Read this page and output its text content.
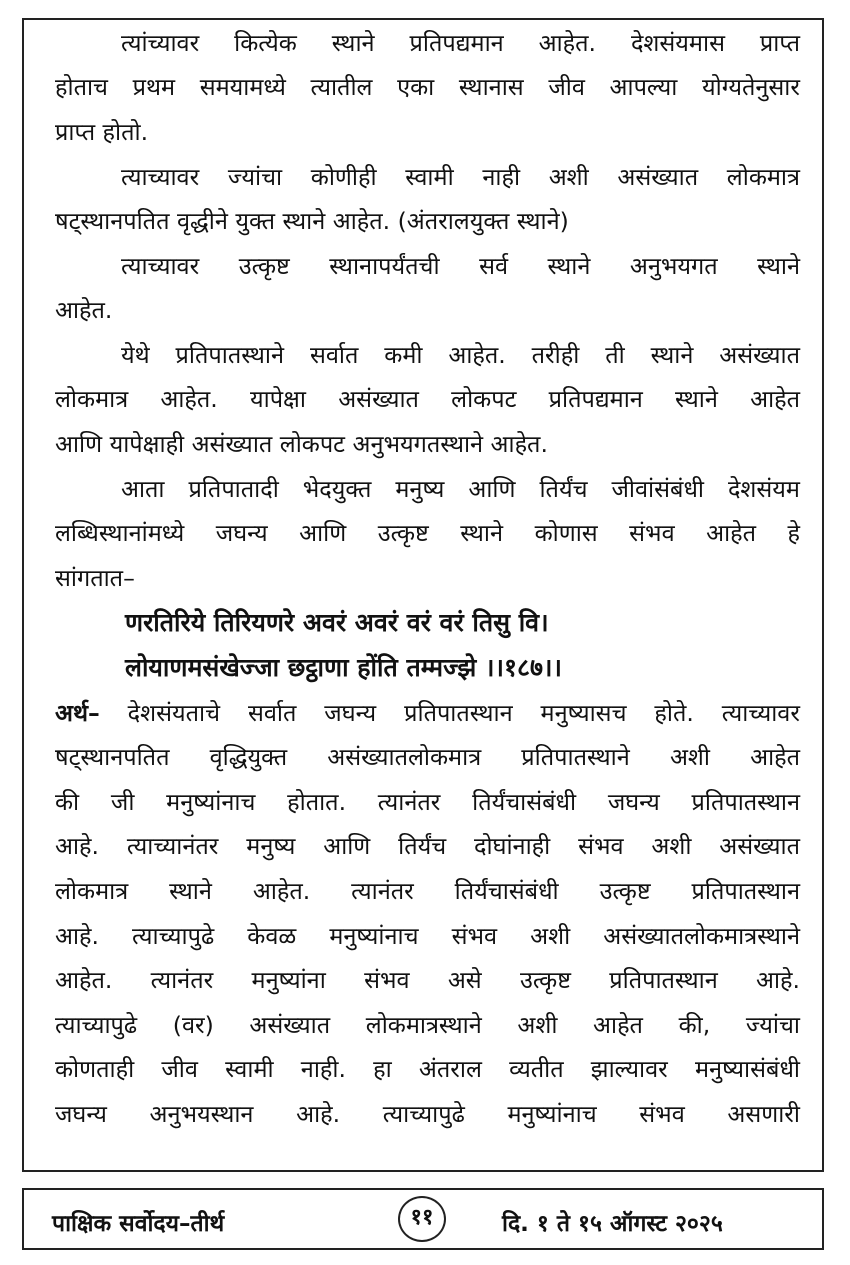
त्यांच्यावर कित्येक स्थाने प्रतिपद्यमान आहेत. देशसंयमास प्राप्त
होताच प्रथम समयामध्ये त्यातील एका स्थानास जीव आपल्या योग्यतेनुसार
प्राप्त होतो.
त्याच्यावर ज्यांचा कोणीही स्वामी नाही अशी असंख्यात लोकमात्र
षट्स्थानपतित वृद्धीने युक्त स्थाने आहेत. (अंतरालयुक्त स्थाने)
त्याच्यावर उत्कृष्ट स्थानापर्यंतची सर्व स्थाने अनुभयगत स्थाने
आहेत.
येथे प्रतिपातस्थाने सर्वात कमी आहेत. तरीही ती स्थाने असंख्यात
लोकमात्र आहेत. यापेक्षा असंख्यात लोकपट प्रतिपद्यमान स्थाने आहेत
आणि यापेक्षाही असंख्यात लोकपट अनुभयगतस्थाने आहेत.
आता प्रतिपातादी भेदयुक्त मनुष्य आणि तिर्यंच जीवांसंबंधी देशसंयम
लब्धिस्थानांमध्ये जघन्य आणि उत्कृष्ट स्थाने कोणास संभव आहेत हे
सांगतात–
णरतिरिये तिरियणरे अवरं अवरं वरं वरं तिसु वि।
लोयाणमसंखेज्जा छट्ठाणा होंति तम्मज्झे ।।१८७।।
अर्थ– देशसंयताचे सर्वात जघन्य प्रतिपातस्थान मनुष्यासच होते. त्याच्यावर
षट्स्थानपतित वृद्धियुक्त असंख्यातलोकमात्र प्रतिपातस्थाने अशी आहेत
की जी मनुष्यांनाच होतात. त्यानंतर तिर्यंचासंबंधी जघन्य प्रतिपातस्थान
आहे. त्याच्यानंतर मनुष्य आणि तिर्यंच दोघांनाही संभव अशी असंख्यात
लोकमात्र स्थाने आहेत. त्यानंतर तिर्यंचासंबंधी उत्कृष्ट प्रतिपातस्थान
आहे. त्याच्यापुढे केवळ मनुष्यांनाच संभव अशी असंख्यातलोकमात्रस्थाने
आहेत. त्यानंतर मनुष्यांना संभव असे उत्कृष्ट प्रतिपातस्थान आहे.
त्याच्यापुढे (वर) असंख्यात लोकमात्रस्थाने अशी आहेत की, ज्यांचा
कोणताही जीव स्वामी नाही. हा अंतराल व्यतीत झाल्यावर मनुष्यासंबंधी
जघन्य अनुभयस्थान आहे. त्याच्यापुढे मनुष्यांनाच संभव असणारी
पाक्षिक सर्वोदय–तीर्थ	११	दि. १ ते १५ ऑगस्ट २०२५
